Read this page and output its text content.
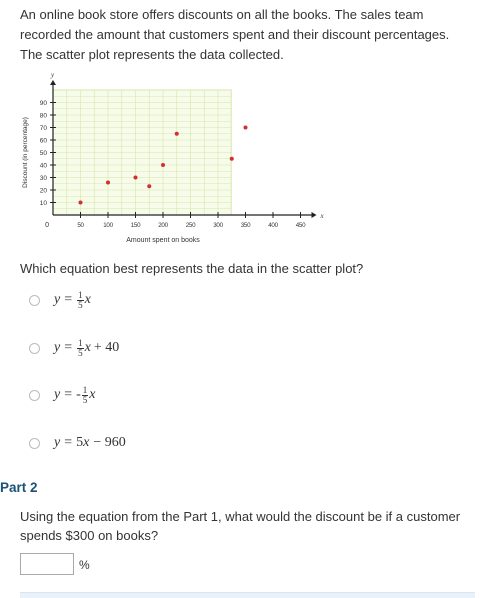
An online book store offers discounts on all the books. The sales team

recorded the amount that customers spent and their discount percentages.

The scatter plot represents the data collected.

x
y
0
10
20
30
40
50
60
70
80
90
50	100	150	200	250	300	350	400	450
Amount spent on books
Discount (in percentage)
Which equation best represents the data in the scatter plot?
$y = \frac{1}{5}$ x
$y = \frac{1}{5}$ x + 40
y = - $\frac{1}{5}$ x
y = 5 x − 960
Part 2

Using the equation from the Part 1, what would the discount be if a customer

spends $300 on books?

%
